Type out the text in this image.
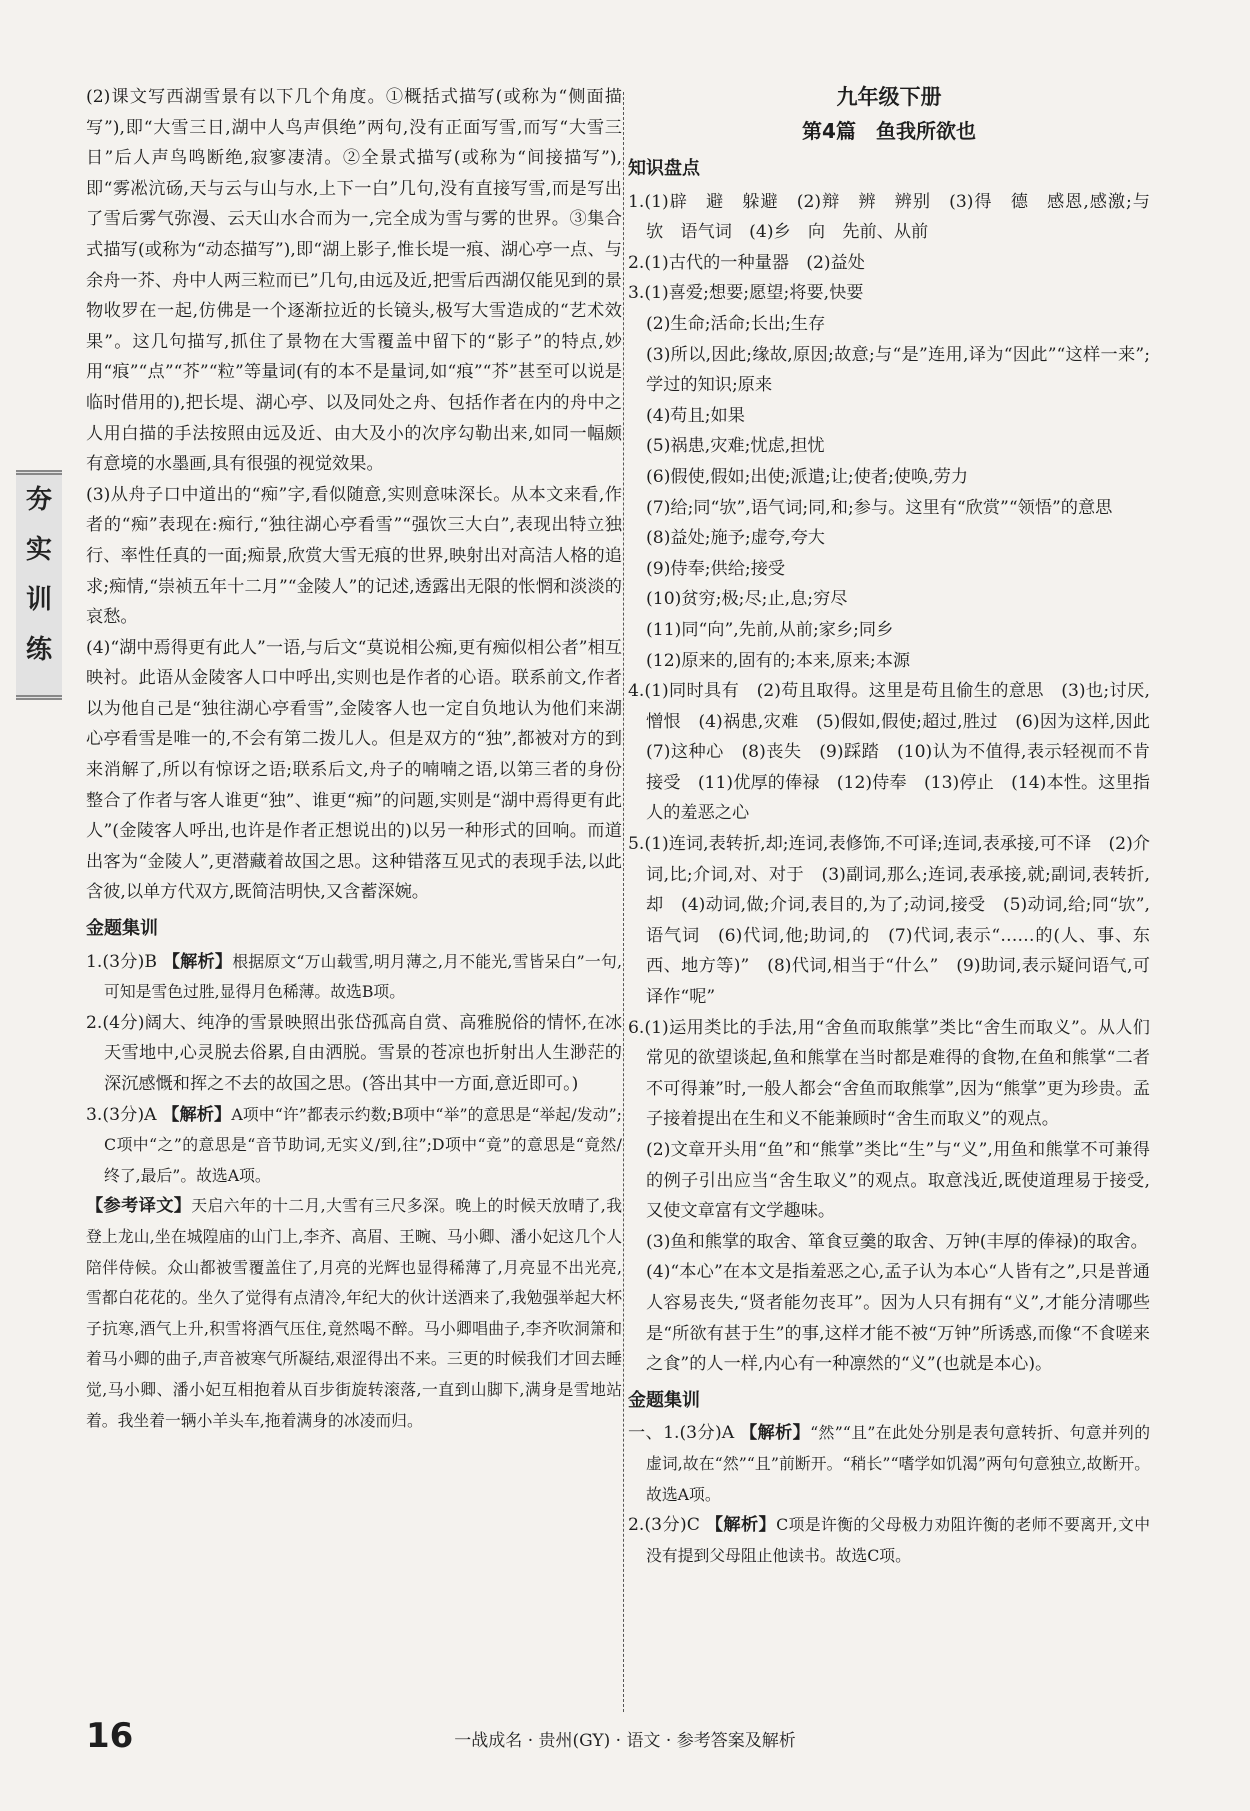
夯
实
训
练
(2)课文写西湖雪景有以下几个角度。①概括式描写(或称为“侧面描写”),即“大雪三日,湖中人鸟声俱绝”两句,没有正面写雪,而写“大雪三日”后人声鸟鸣断绝,寂寥凄清。②全景式描写(或称为“间接描写”),即“雾凇沆砀,天与云与山与水,上下一白”几句,没有直接写雪,而是写出了雪后雾气弥漫、云天山水合而为一,完全成为雪与雾的世界。③集合式描写(或称为“动态描写”),即“湖上影子,惟长堤一痕、湖心亭一点、与余舟一芥、舟中人两三粒而已”几句,由远及近,把雪后西湖仅能见到的景物收罗在一起,仿佛是一个逐渐拉近的长镜头,极写大雪造成的“艺术效果”。这几句描写,抓住了景物在大雪覆盖中留下的“影子”的特点,妙用“痕”“点”“芥”“粒”等量词(有的本不是量词,如“痕”“芥”甚至可以说是临时借用的),把长堤、湖心亭、以及同处之舟、包括作者在内的舟中之人用白描的手法按照由远及近、由大及小的次序勾勒出来,如同一幅颇有意境的水墨画,具有很强的视觉效果。
(3)从舟子口中道出的“痴”字,看似随意,实则意味深长。从本文来看,作者的“痴”表现在:痴行,“独往湖心亭看雪”“强饮三大白”,表现出特立独行、率性任真的一面;痴景,欣赏大雪无痕的世界,映射出对高洁人格的追求;痴情,“崇祯五年十二月”“金陵人”的记述,透露出无限的怅惘和淡淡的哀愁。
(4)“湖中焉得更有此人”一语,与后文“莫说相公痴,更有痴似相公者”相互映衬。此语从金陵客人口中呼出,实则也是作者的心语。联系前文,作者以为他自己是“独往湖心亭看雪”,金陵客人也一定自负地认为他们来湖心亭看雪是唯一的,不会有第二拨儿人。但是双方的“独”,都被对方的到来消解了,所以有惊讶之语;联系后文,舟子的喃喃之语,以第三者的身份整合了作者与客人谁更“独”、谁更“痴”的问题,实则是“湖中焉得更有此人”(金陵客人呼出,也许是作者正想说出的)以另一种形式的回响。而道出客为“金陵人”,更潜藏着故国之思。这种错落互见式的表现手法,以此含彼,以单方代双方,既简洁明快,又含蓄深婉。
金题集训
1.(3分)B 【解析】根据原文“万山载雪,明月薄之,月不能光,雪皆呆白”一句,可知是雪色过胜,显得月色稀薄。故选B项。
2.(4分)阔大、纯净的雪景映照出张岱孤高自赏、高雅脱俗的情怀,在冰天雪地中,心灵脱去俗累,自由洒脱。雪景的苍凉也折射出人生渺茫的深沉感慨和挥之不去的故国之思。(答出其中一方面,意近即可。)
3.(3分)A 【解析】A项中“许”都表示约数;B项中“举”的意思是“举起/发动”;C项中“之”的意思是“音节助词,无实义/到,往”;D项中“竟”的意思是“竟然/终了,最后”。故选A项。
【参考译文】天启六年的十二月,大雪有三尺多深。晚上的时候天放晴了,我登上龙山,坐在城隍庙的山门上,李齐、高眉、王畹、马小卿、潘小妃这几个人陪伴侍候。众山都被雪覆盖住了,月亮的光辉也显得稀薄了,月亮显不出光亮,雪都白花花的。坐久了觉得有点清冷,年纪大的伙计送酒来了,我勉强举起大杯子抗寒,酒气上升,积雪将酒气压住,竟然喝不醉。马小卿唱曲子,李齐吹洞箫和着马小卿的曲子,声音被寒气所凝结,艰涩得出不来。三更的时候我们才回去睡觉,马小卿、潘小妃互相抱着从百步街旋转滚落,一直到山脚下,满身是雪地站着。我坐着一辆小羊头车,拖着满身的冰凌而归。
九年级下册
第4篇　鱼我所欲也
知识盘点
1.(1)辟　避　躲避　(2)辩　辨　辨别　(3)得　德　感恩,感激;与　欤　语气词　(4)乡　向　先前、从前
2.(1)古代的一种量器　(2)益处
3.(1)喜爱;想要;愿望;将要,快要
(2)生命;活命;长出;生存
(3)所以,因此;缘故,原因;故意;与“是”连用,译为“因此”“这样一来”;学过的知识;原来
(4)苟且;如果
(5)祸患,灾难;忧虑,担忧
(6)假使,假如;出使;派遣;让;使者;使唤,劳力
(7)给;同“欤”,语气词;同,和;参与。这里有“欣赏”“领悟”的意思
(8)益处;施予;虚夸,夸大
(9)侍奉;供给;接受
(10)贫穷;极;尽;止,息;穷尽
(11)同“向”,先前,从前;家乡;同乡
(12)原来的,固有的;本来,原来;本源
4.(1)同时具有　(2)苟且取得。这里是苟且偷生的意思　(3)也;讨厌,憎恨　(4)祸患,灾难　(5)假如,假使;超过,胜过　(6)因为这样,因此　(7)这种心　(8)丧失　(9)踩踏　(10)认为不值得,表示轻视而不肯接受　(11)优厚的俸禄　(12)侍奉　(13)停止　(14)本性。这里指人的羞恶之心
5.(1)连词,表转折,却;连词,表修饰,不可译;连词,表承接,可不译　(2)介词,比;介词,对、对于　(3)副词,那么;连词,表承接,就;副词,表转折,却　(4)动词,做;介词,表目的,为了;动词,接受　(5)动词,给;同“欤”,语气词　(6)代词,他;助词,的　(7)代词,表示“……的(人、事、东西、地方等)”　(8)代词,相当于“什么”　(9)助词,表示疑问语气,可译作“呢”
6.(1)运用类比的手法,用“舍鱼而取熊掌”类比“舍生而取义”。从人们常见的欲望谈起,鱼和熊掌在当时都是难得的食物,在鱼和熊掌“二者不可得兼”时,一般人都会“舍鱼而取熊掌”,因为“熊掌”更为珍贵。孟子接着提出在生和义不能兼顾时“舍生而取义”的观点。
(2)文章开头用“鱼”和“熊掌”类比“生”与“义”,用鱼和熊掌不可兼得的例子引出应当“舍生取义”的观点。取意浅近,既使道理易于接受,又使文章富有文学趣味。
(3)鱼和熊掌的取舍、箪食豆羹的取舍、万钟(丰厚的俸禄)的取舍。
(4)“本心”在本文是指羞恶之心,孟子认为本心“人皆有之”,只是普通人容易丧失,“贤者能勿丧耳”。因为人只有拥有“义”,才能分清哪些是“所欲有甚于生”的事,这样才能不被“万钟”所诱惑,而像“不食嗟来之食”的人一样,内心有一种凛然的“义”(也就是本心)。
金题集训
一、1.(3分)A 【解析】“然”“且”在此处分别是表句意转折、句意并列的虚词,故在“然”“且”前断开。“稍长”“嗜学如饥渴”两句句意独立,故断开。故选A项。
2.(3分)C 【解析】C项是许衡的父母极力劝阻许衡的老师不要离开,文中没有提到父母阻止他读书。故选C项。
16	一战成名 · 贵州(GY) · 语文 · 参考答案及解析
